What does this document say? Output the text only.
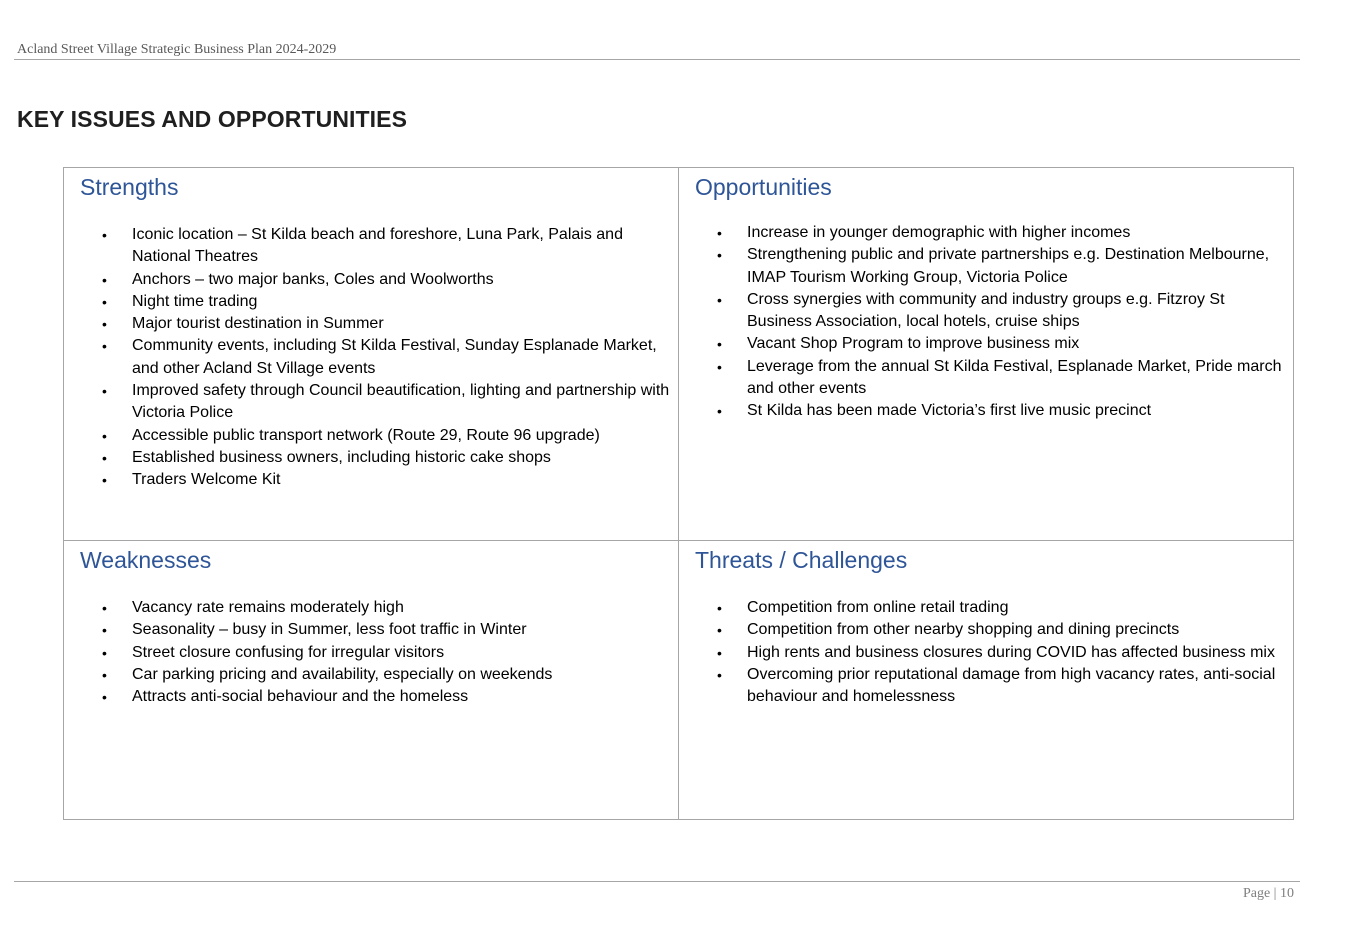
Acland Street Village Strategic Business Plan 2024-2029
KEY ISSUES AND OPPORTUNITIES
Strengths
• Iconic location – St Kilda beach and foreshore, Luna Park, Palais and National Theatres
• Anchors – two major banks, Coles and Woolworths
• Night time trading
• Major tourist destination in Summer
• Community events, including St Kilda Festival, Sunday Esplanade Market, and other Acland St Village events
• Improved safety through Council beautification, lighting and partnership with Victoria Police
• Accessible public transport network (Route 29, Route 96 upgrade)
• Established business owners, including historic cake shops
• Traders Welcome Kit
Opportunities
• Increase in younger demographic with higher incomes
• Strengthening public and private partnerships e.g. Destination Melbourne, IMAP Tourism Working Group, Victoria Police
• Cross synergies with community and industry groups e.g. Fitzroy St Business Association, local hotels, cruise ships
• Vacant Shop Program to improve business mix
• Leverage from the annual St Kilda Festival, Esplanade Market, Pride march and other events
• St Kilda has been made Victoria’s first live music precinct
Weaknesses
• Vacancy rate remains moderately high
• Seasonality – busy in Summer, less foot traffic in Winter
• Street closure confusing for irregular visitors
• Car parking pricing and availability, especially on weekends
• Attracts anti-social behaviour and the homeless
Threats / Challenges
• Competition from online retail trading
• Competition from other nearby shopping and dining precincts
• High rents and business closures during COVID has affected business mix
• Overcoming prior reputational damage from high vacancy rates, anti-social behaviour and homelessness
Page | 10
